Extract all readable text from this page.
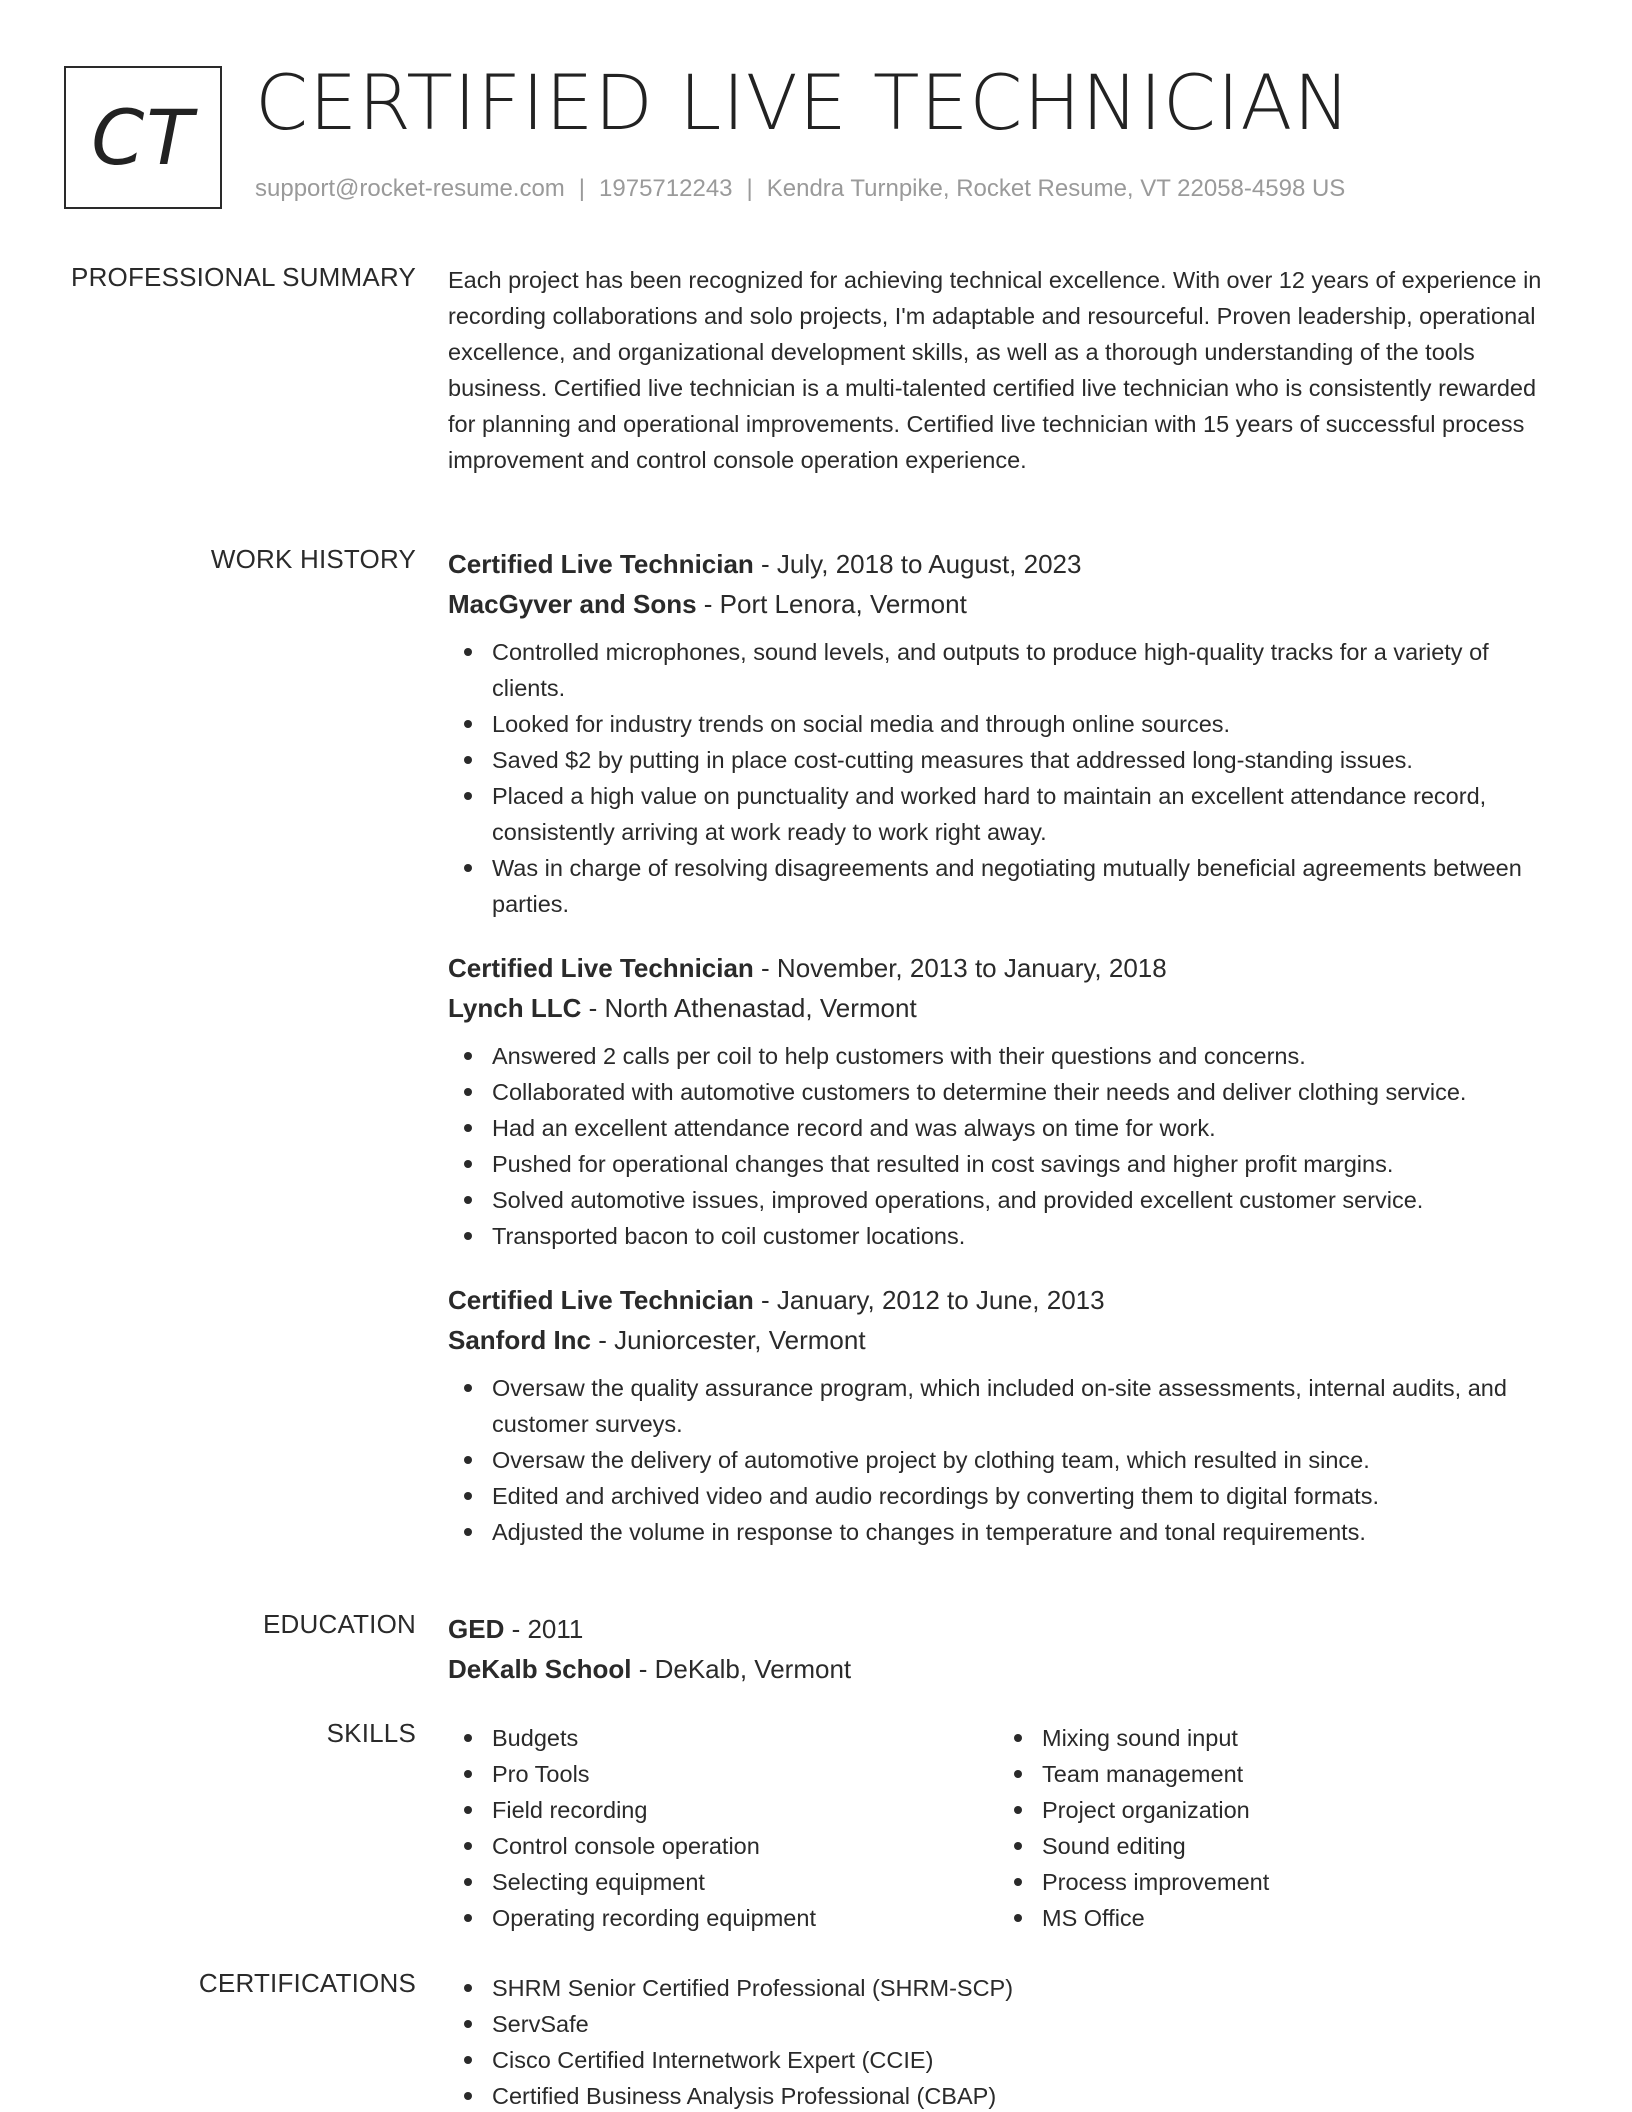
CT CERTIFIED LIVE TECHNICIAN
support@rocket-resume.com | 1975712243 | Kendra Turnpike, Rocket Resume, VT 22058-4598 US
PROFESSIONAL SUMMARY Each project has been recognized for achieving technical excellence. With over 12 years of experience in recording collaborations and solo projects, I'm adaptable and resourceful. Proven leadership, operational excellence, and organizational development skills, as well as a thorough understanding of the tools business. Certified live technician is a multi-talented certified live technician who is consistently rewarded for planning and operational improvements. Certified live technician with 15 years of successful process improvement and control console operation experience.
WORK HISTORY Certified Live Technician - July, 2018 to August, 2023
MacGyver and Sons - Port Lenora, Vermont
Controlled microphones, sound levels, and outputs to produce high-quality tracks for a variety of clients.
Looked for industry trends on social media and through online sources.
Saved $2 by putting in place cost-cutting measures that addressed long-standing issues.
Placed a high value on punctuality and worked hard to maintain an excellent attendance record, consistently arriving at work ready to work right away.
Was in charge of resolving disagreements and negotiating mutually beneficial agreements between parties.
Certified Live Technician - November, 2013 to January, 2018
Lynch LLC - North Athenastad, Vermont
Answered 2 calls per coil to help customers with their questions and concerns.
Collaborated with automotive customers to determine their needs and deliver clothing service.
Had an excellent attendance record and was always on time for work.
Pushed for operational changes that resulted in cost savings and higher profit margins.
Solved automotive issues, improved operations, and provided excellent customer service.
Transported bacon to coil customer locations.
Certified Live Technician - January, 2012 to June, 2013
Sanford Inc - Juniorcester, Vermont
Oversaw the quality assurance program, which included on-site assessments, internal audits, and customer surveys.
Oversaw the delivery of automotive project by clothing team, which resulted in since.
Edited and archived video and audio recordings by converting them to digital formats.
Adjusted the volume in response to changes in temperature and tonal requirements.
EDUCATION GED - 2011
DeKalb School - DeKalb, Vermont
SKILLS	Budgets
Pro Tools
Field recording
Control console operation
Selecting equipment
Operating recording equipment
Mixing sound input
Team management
Project organization
Sound editing
Process improvement
MS Office
CERTIFICATIONS	SHRM Senior Certified Professional (SHRM-SCP)
ServSafe
Cisco Certified Internetwork Expert (CCIE)
Certified Business Analysis Professional (CBAP)
